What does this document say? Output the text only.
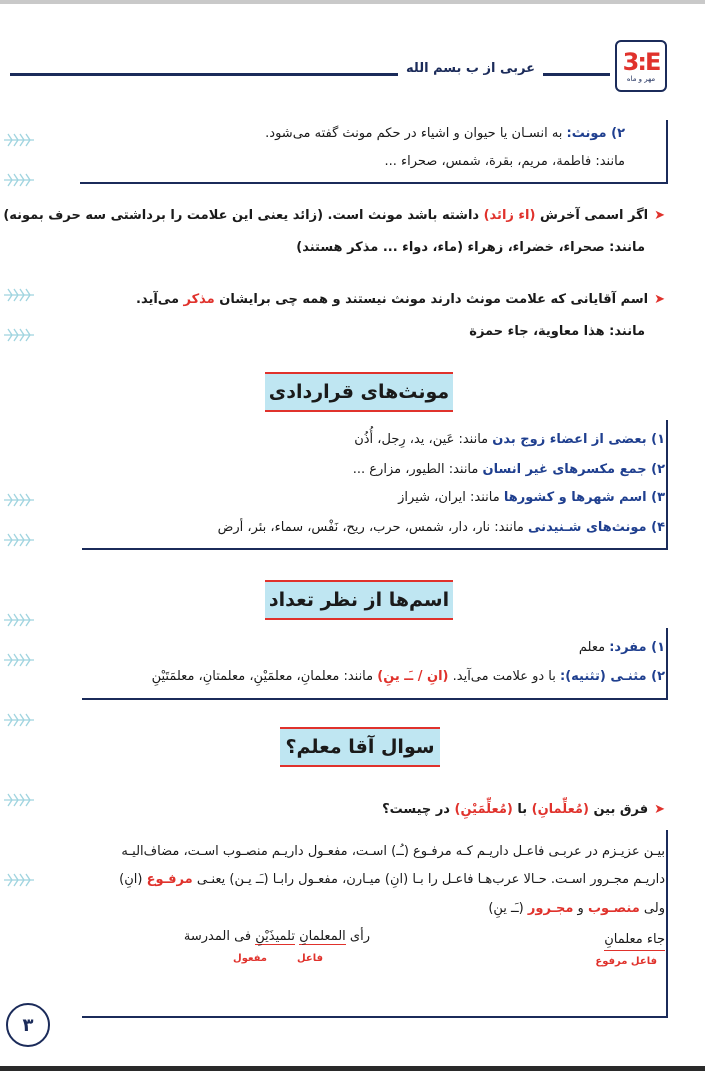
عربی از ب بسم الله	3:E
مهر و ماه
۲) مونث: به انسـان یا حیوان و اشیاء در حکم مونث گفته می‌شود.
مانند: فاطمة، مریم، بقرة، شمس، صحراء ...
➤اگر اسمی آخرش (اء زائد) داشته باشد مونث است. (زائد یعنی این علامت را برداشتی سه حرف بمونه)
مانند: صحراء، خضراء، زهراء (ماء، دواء ... مذکر هستند)
➤اسم آقایانی که علامت مونث دارند مونث نیستند و همه چی برایشان مذکر می‌آید.
مانند: هذا معاویة، جاء حمزة
مونث‌های قراردادی
۱) بعضی از اعضاء زوج بدن مانند: عَین، ید، رِجل، أُذُن
۲) جمع مکسرهای غیر انسان مانند: الطیور، مزارع ...
۳) اسم شهرها و کشورها مانند: ایران، شیراز
۴) مونث‌های شـنیدنی مانند: نار، دار، شمس، حرب، ریح، نَفْس، سماء، بئر، أرض
اسم‌ها از نظر تعداد
۱) مفرد: معلم
۲) مثنـی (تثنیه): با دو علامت می‌آید. (انِ / ـَـ ینِ) مانند: معلمانِ، معلمَیْنِ، معلمتانِ، معلمَتَیْنِ
سوال آقا معلم؟
➤فرق بین (مُعلِّمانِ) با (مُعلِّمَیْنِ) در چیست؟
بیـن عزیـزم در عربـی فاعـل داریـم کـه مرفـوع (ـُـ) اسـت، مفعـول داریـم منصـوب اسـت، مضاف‌الیـه
داریـم مجـرور اسـت. حـالا عرب‌هـا فاعـل را بـا (انِ) میـارن، مفعـول رابـا (ـَـ یـن) یعنـی مرفـوع (انِ)
ولی منصـوب و مجـرور (ـَـ ینِ)
جاء معلمانِ
فاعل مرفوع
رأی المعلمانِ تلمیذَیْنِ فی المدرسة
فاعل
مفعول
۳
